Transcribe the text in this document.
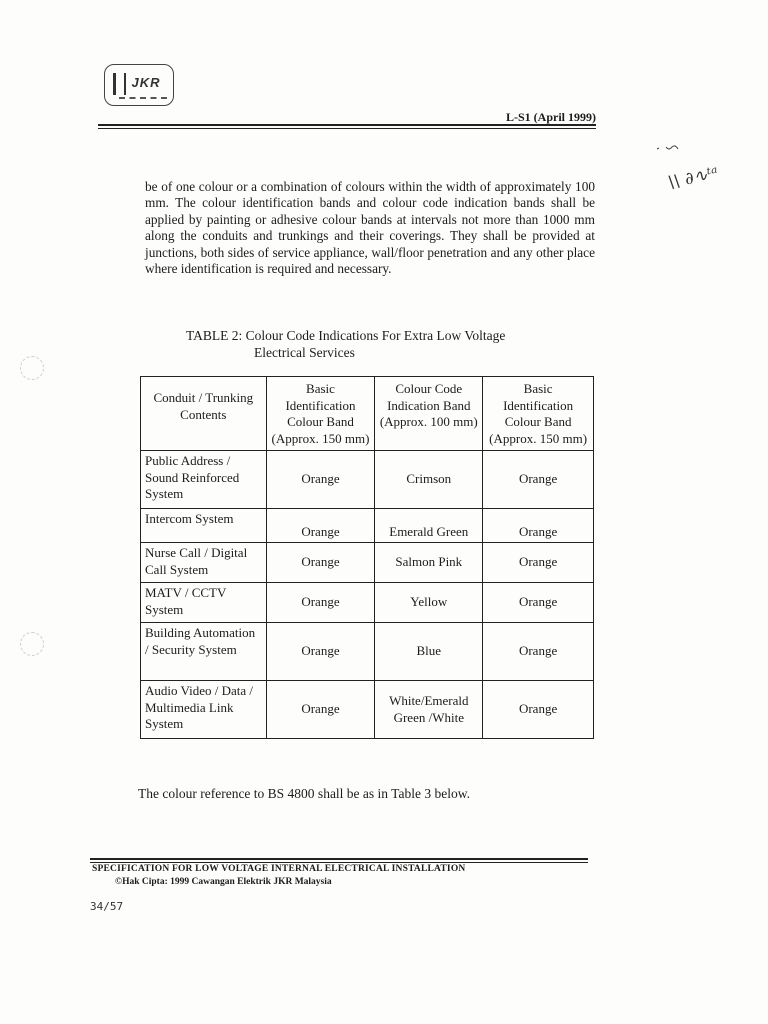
JKR
L-S1 (April 1999)
\\ ∂∿ᵗᵃ

be of one colour or a combination of colours within the width of approximately 100 mm. The colour identification bands and colour code indication bands shall be applied by painting or adhesive colour bands at intervals not more than 1000 mm along the conduits and trunkings and their coverings. They shall be provided at junctions, both sides of service appliance, wall/floor penetration and any other place where identification is required and necessary.

TABLE 2: Colour Code Indications For Extra Low Voltage
Electrical Services
Conduit / Trunking Contents	Basic Identification Colour Band (Approx. 150 mm)	Colour Code Indication Band (Approx. 100 mm)	Basic Identification Colour Band (Approx. 150 mm)
Public Address / Sound Reinforced System	Orange	Crimson	Orange
Intercom System	Orange	Emerald Green	Orange
Nurse Call / Digital Call System	Orange	Salmon Pink	Orange
MATV / CCTV System	Orange	Yellow	Orange
Building Automation / Security System	Orange	Blue	Orange
Audio Video / Data / Multimedia Link System	Orange	White/Emerald Green /White	Orange
The colour reference to BS 4800 shall be as in Table 3 below.
SPECIFICATION FOR LOW VOLTAGE INTERNAL ELECTRICAL INSTALLATION
©Hak Cipta: 1999 Cawangan Elektrik JKR Malaysia
34/57
